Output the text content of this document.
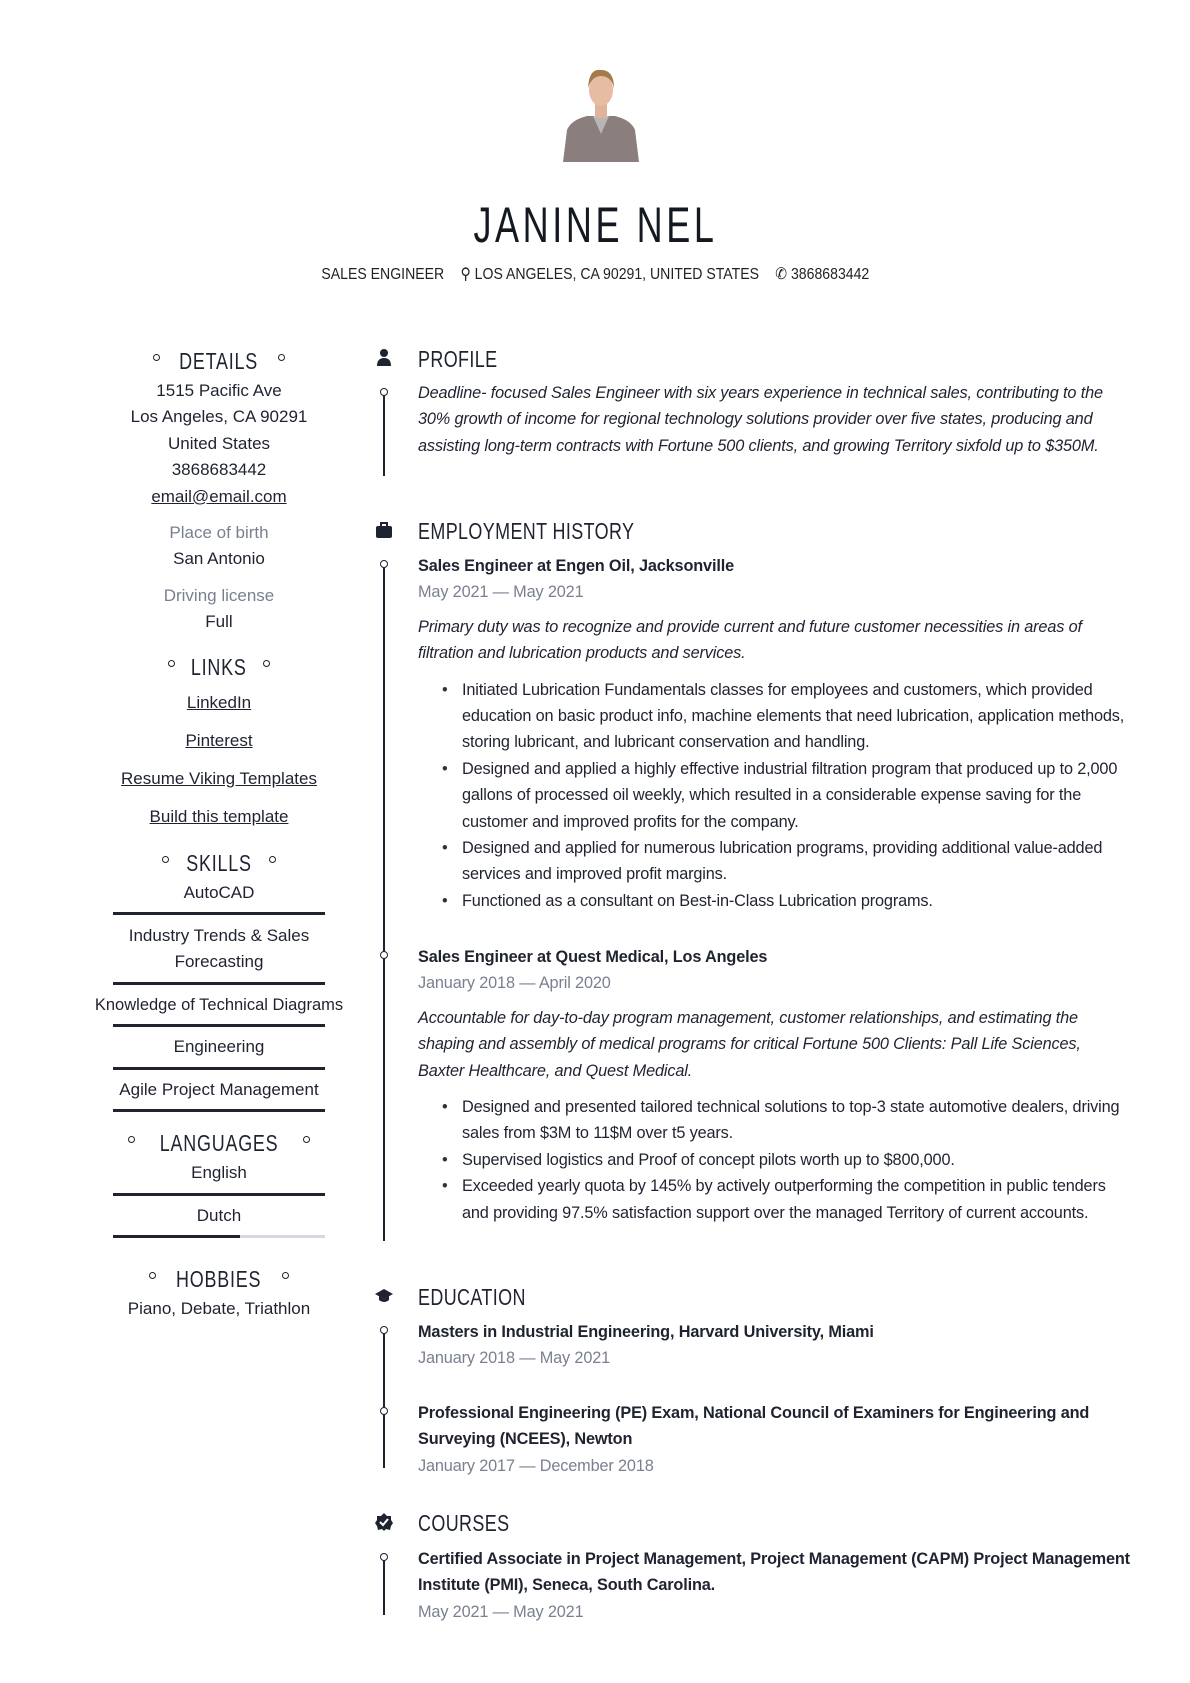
JANINE NEL
SALES ENGINEER ⚲ LOS ANGELES, CA 90291, UNITED STATES ✆ 3868683442
DETAILS
1515 Pacific Ave
Los Angeles, CA 90291
United States
3868683442
email@email.com
Place of birth
San Antonio
Driving license
Full
LINKS
LinkedIn
Pinterest
Resume Viking Templates
Build this template
SKILLS
AutoCAD
Industry Trends & Sales Forecasting
Knowledge of Technical Diagrams
Engineering
Agile Project Management
LANGUAGES
English
Dutch
HOBBIES
Piano, Debate, Triathlon
PROFILE
Deadline- focused Sales Engineer with six years experience in technical sales, contributing to the 30% growth of income for regional technology solutions provider over five states, producing and assisting long-term contracts with Fortune 500 clients, and growing Territory sixfold up to $350M.
EMPLOYMENT HISTORY
Sales Engineer at Engen Oil, Jacksonville
May 2021 — May 2021
Primary duty was to recognize and provide current and future customer necessities in areas of filtration and lubrication products and services.
• Initiated Lubrication Fundamentals classes for employees and customers, which provided education on basic product info, machine elements that need lubrication, application methods, storing lubricant, and lubricant conservation and handling.
• Designed and applied a highly effective industrial filtration program that produced up to 2,000 gallons of processed oil weekly, which resulted in a considerable expense saving for the customer and improved profits for the company.
• Designed and applied for numerous lubrication programs, providing additional value-added services and improved profit margins.
• Functioned as a consultant on Best-in-Class Lubrication programs.
Sales Engineer at Quest Medical, Los Angeles
January 2018 — April 2020
Accountable for day-to-day program management, customer relationships, and estimating the shaping and assembly of medical programs for critical Fortune 500 Clients: Pall Life Sciences, Baxter Healthcare, and Quest Medical.
• Designed and presented tailored technical solutions to top-3 state automotive dealers, driving sales from $3M to 11$M over t5 years.
• Supervised logistics and Proof of concept pilots worth up to $800,000.
• Exceeded yearly quota by 145% by actively outperforming the competition in public tenders and providing 97.5% satisfaction support over the managed Territory of current accounts.
EDUCATION
Masters in Industrial Engineering, Harvard University, Miami
January 2018 — May 2021
Professional Engineering (PE) Exam, National Council of Examiners for Engineering and Surveying (NCEES), Newton
January 2017 — December 2018
COURSES
Certified Associate in Project Management, Project Management (CAPM) Project Management Institute (PMI), Seneca, South Carolina.
May 2021 — May 2021
